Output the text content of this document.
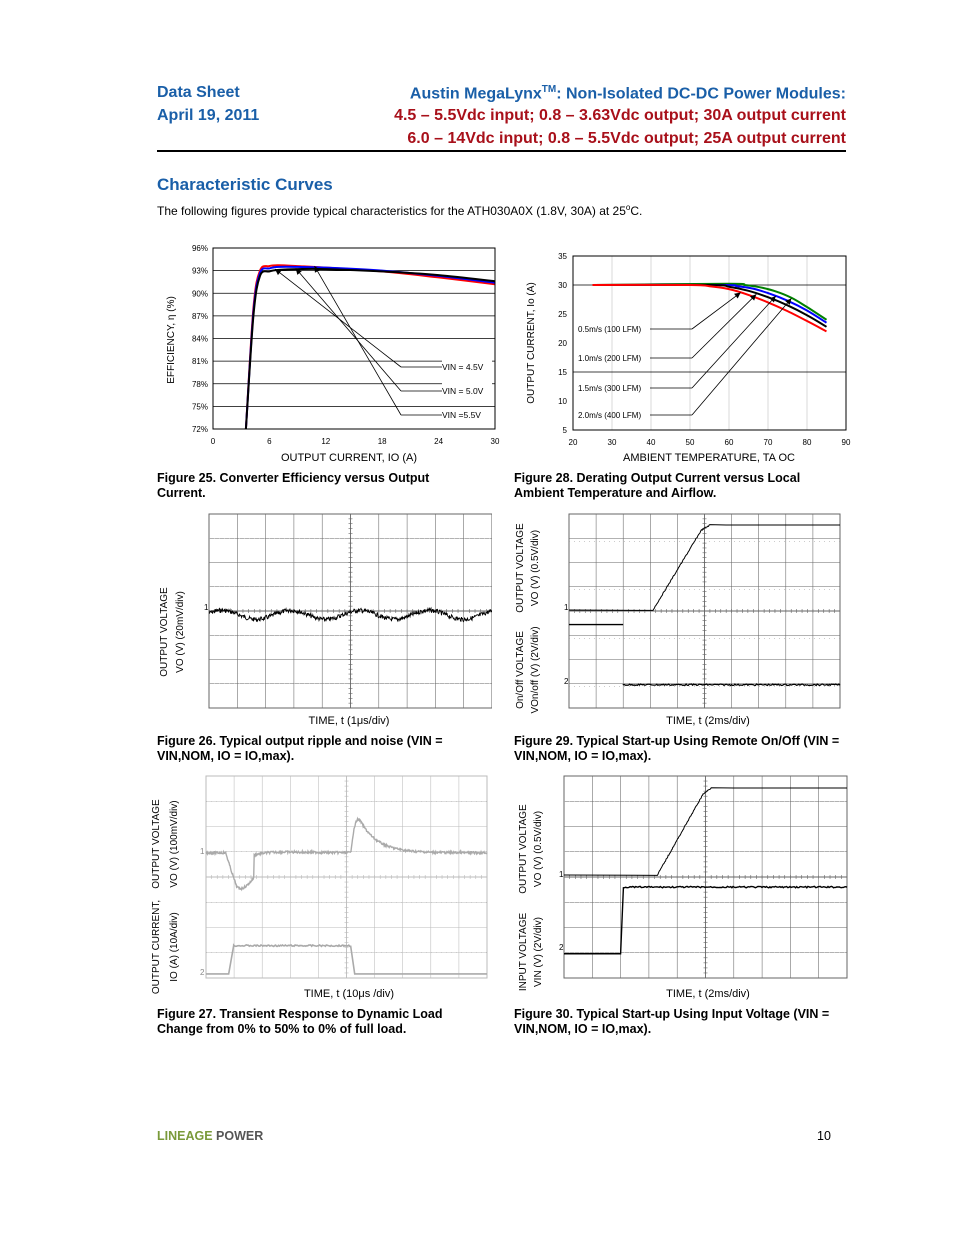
Data Sheet
April 19, 2011
Austin MegaLynx™: Non-Isolated DC-DC Power Modules:
4.5 – 5.5Vdc input; 0.8 – 3.63Vdc output; 30A output current
6.0 – 14Vdc input; 0.8 – 5.5Vdc output; 25A output current
Characteristic Curves
The following figures provide typical characteristics for the ATH030A0X (1.8V, 30A) at 25$^o$C.
VIN = 4.5V
VIN = 5.0V
VIN =5.5V
96%
93%
90%
87%
84%
81%
78%
75%
72%
0	6	12	18	24	30
EFFICIENCY, η (%)
OUTPUT CURRENT, IO (A)
Figure 25. Converter Efficiency versus Output Current.
0.5m/s (100 LFM)
1.0m/s (200 LFM)
1.5m/s (300 LFM)
2.0m/s (400 LFM)
35
30
25
20
15
10
5
20	30	40	50	60	70	80	90
OUTPUT CURRENT, Io (A)
AMBIENT TEMPERATURE, TA OC
Figure 28. Derating Output Current versus Local Ambient Temperature and Airflow.
1
OUTPUT VOLTAGE VO (V) (20mV/div)
TIME, t (1μs/div)
Figure 26. Typical output ripple and noise (VIN = VIN,NOM, IO = IO,max).
1
2
OUTPUT VOLTAGE VO (V) (0.5V/div)
On/Off VOLTAGE VOn/off (V) (2V/div)
TIME, t (2ms/div)
Figure 29. Typical Start-up Using Remote On/Off (VIN = VIN,NOM, IO = IO,max).
1
2
OUTPUT VOLTAGE VO (V) (100mV/div)
OUTPUT CURRENT, IO (A) (10A/div)
TIME, t (10μs /div)
Figure 27. Transient Response to Dynamic Load Change from 0% to 50% to 0% of full load.
1
2
OUTPUT VOLTAGE VO (V) (0.5V/div)
INPUT VOLTAGE VIN (V) (2V/div)
TIME, t (2ms/div)
Figure 30. Typical Start-up Using Input Voltage (VIN = VIN,NOM, IO = IO,max).
LINEAGE POWER	10
